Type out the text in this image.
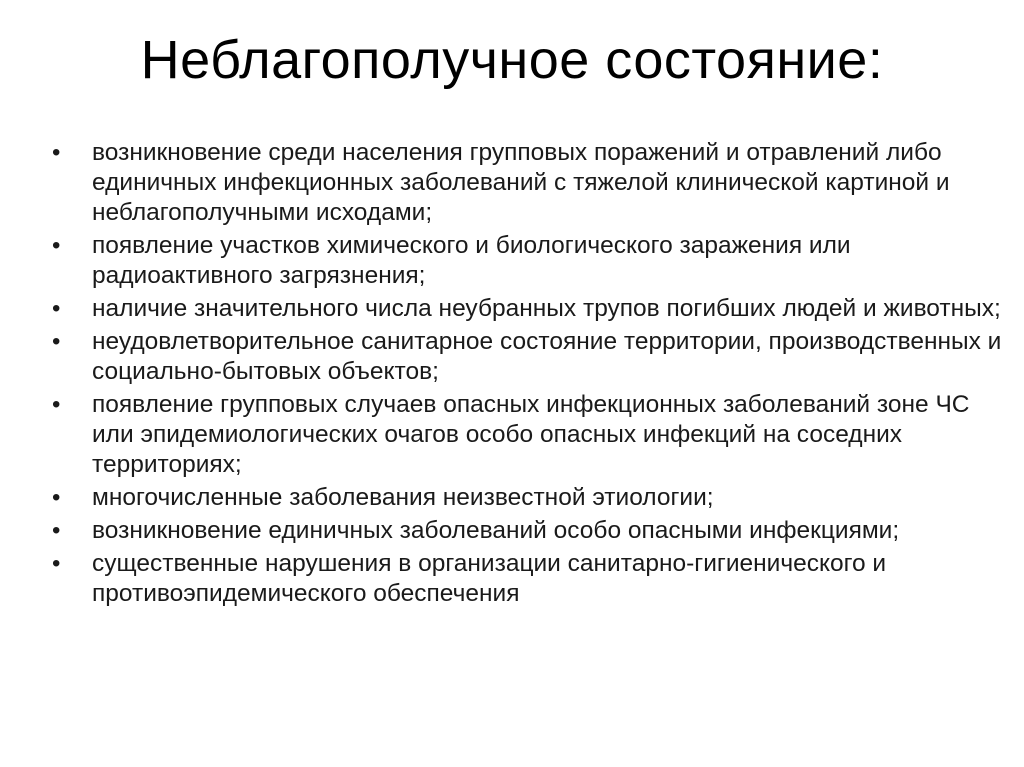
Неблагополучное состояние:
•	возникновение среди населения групповых поражений и отравлений либо единичных инфекционных заболеваний с тяжелой клинической картиной и неблагополучными исходами;
•	появление участков химического и биологического заражения или радиоактивного загрязнения;
•	наличие значительного числа неубранных трупов погибших людей и животных;
•	неудовлетворительное санитарное состояние территории, производственных и социально-бытовых объектов;
•	появление групповых случаев опасных инфекционных заболеваний зоне ЧС или эпидемиологических очагов особо опасных инфекций на соседних территориях;
•	многочисленные заболевания неизвестной этиологии;
•	возникновение единичных заболеваний особо опасными инфекциями;
•	существенные нарушения в организации санитарно-гигиенического и противоэпидемического обеспечения
